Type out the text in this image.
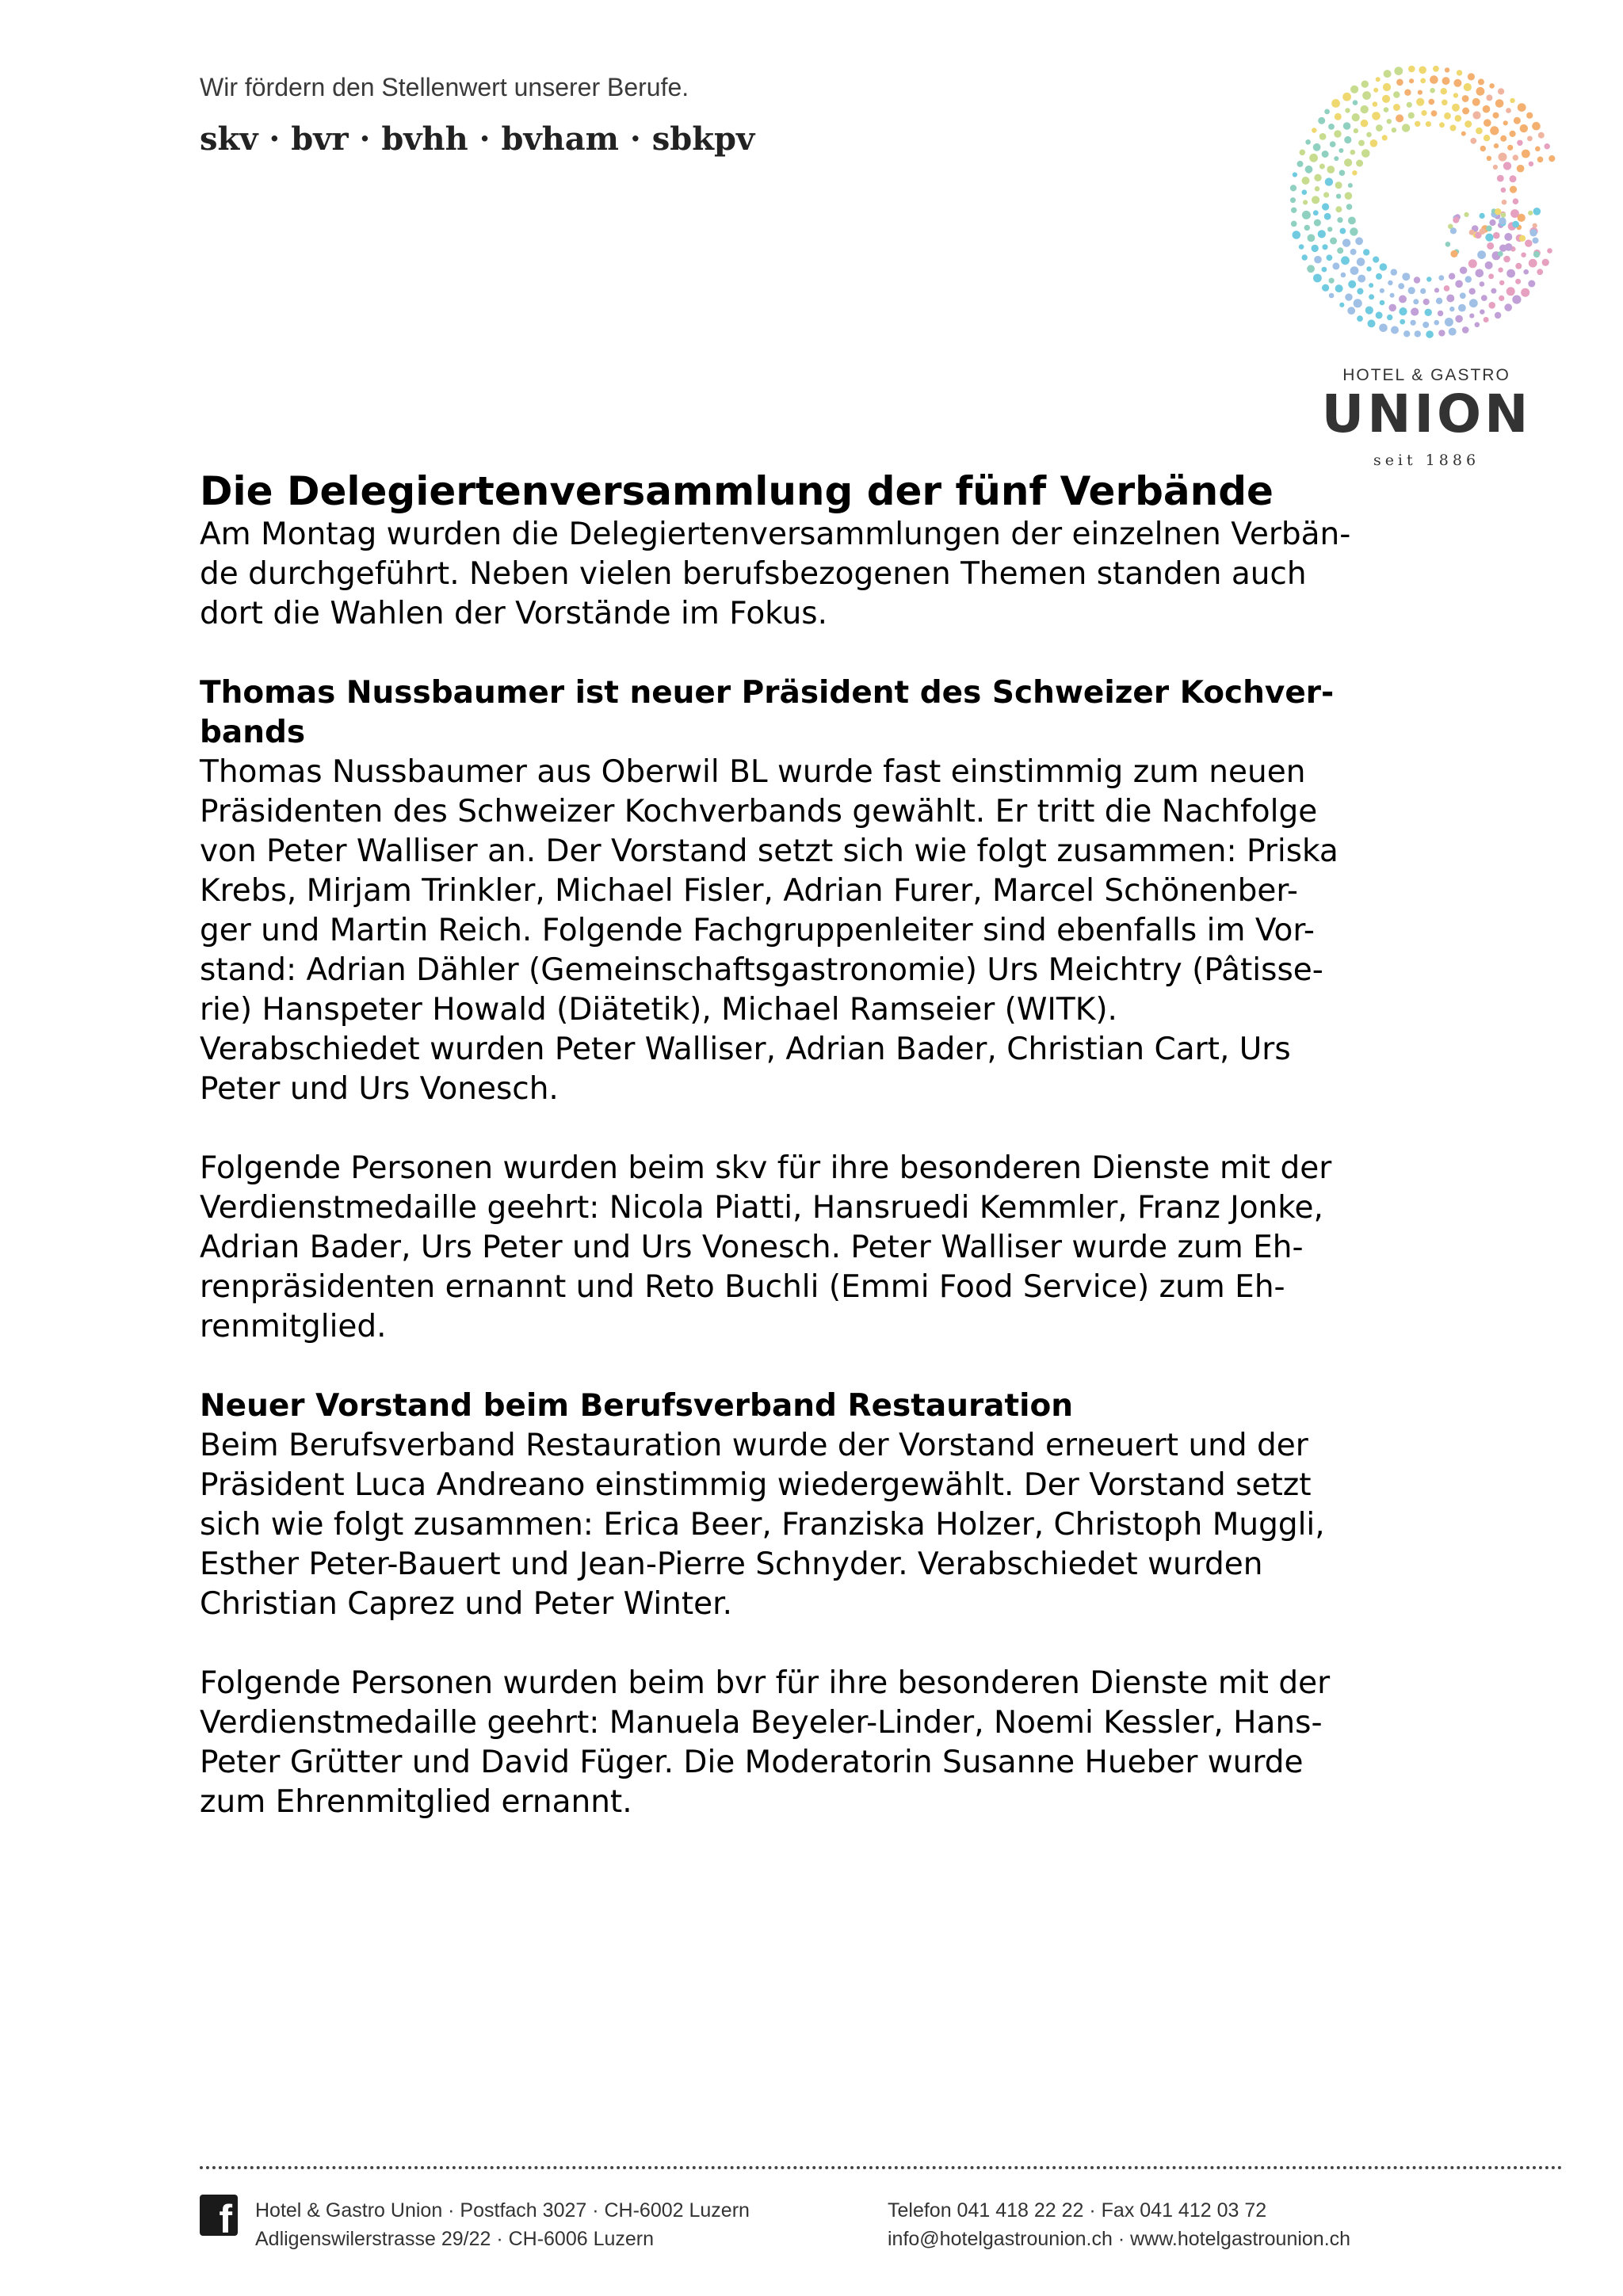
Wir fördern den Stellenwert unserer Berufe.

skv · bvr · bvhh · bvham · sbkpv

HOTEL & GASTRO
UNION
seit 1886
Die Delegiertenversammlung der fünf Verbände

Am Montag wurden die Delegiertenversammlungen der einzelnen Verbän-

de durchgeführt. Neben vielen berufsbezogenen Themen standen auch

dort die Wahlen der Vorstände im Fokus.

Thomas Nussbaumer ist neuer Präsident des Schweizer Kochver-

bands

Thomas Nussbaumer aus Oberwil BL wurde fast einstimmig zum neuen

Präsidenten des Schweizer Kochverbands gewählt. Er tritt die Nachfolge

von Peter Walliser an. Der Vorstand setzt sich wie folgt zusammen: Priska

Krebs, Mirjam Trinkler, Michael Fisler, Adrian Furer, Marcel Schönenber-

ger und Martin Reich. Folgende Fachgruppenleiter sind ebenfalls im Vor-

stand: Adrian Dähler (Gemeinschaftsgastronomie) Urs Meichtry (Pâtisse-

rie) Hanspeter Howald (Diätetik), Michael Ramseier (WITK).

Verabschiedet wurden Peter Walliser, Adrian Bader, Christian Cart, Urs

Peter und Urs Vonesch.

Folgende Personen wurden beim skv für ihre besonderen Dienste mit der

Verdienstmedaille geehrt: Nicola Piatti, Hansruedi Kemmler, Franz Jonke,

Adrian Bader, Urs Peter und Urs Vonesch. Peter Walliser wurde zum Eh-

renpräsidenten ernannt und Reto Buchli (Emmi Food Service) zum Eh-

renmitglied.

Neuer Vorstand beim Berufsverband Restauration

Beim Berufsverband Restauration wurde der Vorstand erneuert und der

Präsident Luca Andreano einstimmig wiedergewählt. Der Vorstand setzt

sich wie folgt zusammen: Erica Beer, Franziska Holzer, Christoph Muggli,

Esther Peter-Bauert und Jean-Pierre Schnyder. Verabschiedet wurden

Christian Caprez und Peter Winter.

Folgende Personen wurden beim bvr für ihre besonderen Dienste mit der

Verdienstmedaille geehrt: Manuela Beyeler-Linder, Noemi Kessler, Hans-

Peter Grütter und David Füger. Die Moderatorin Susanne Hueber wurde

zum Ehrenmitglied ernannt.

f Hotel & Gastro Union · Postfach 3027 · CH-6002 Luzern

Adligenswilerstrasse 29/22 · CH-6006 Luzern

Telefon 041 418 22 22 · Fax 041 412 03 72

info@hotelgastrounion.ch · www.hotelgastrounion.ch
